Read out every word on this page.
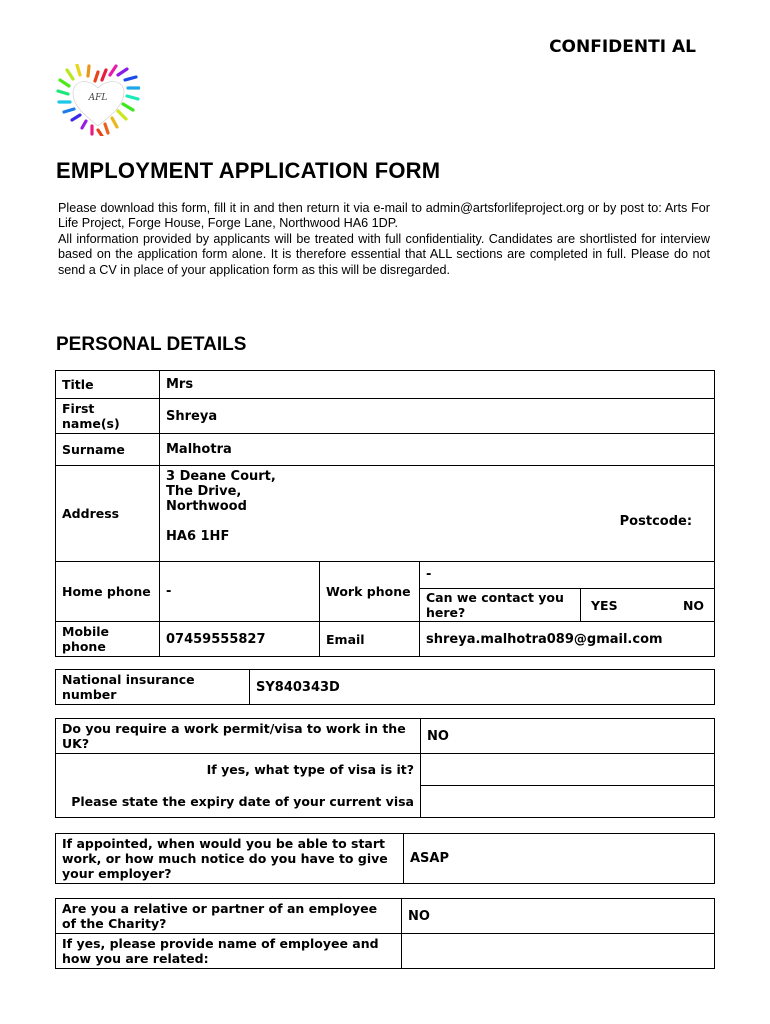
CONFIDENTI AL
AFL
EMPLOYMENT APPLICATION FORM

Please download this form, fill it in and then return it via e-mail to admin@artsforlifeproject.org or by post to: Arts For Life Project, Forge House, Forge Lane, Northwood HA6 1DP.

All information provided by applicants will be treated with full confidentiality. Candidates are shortlisted for interview based on the application form alone. It is therefore essential that ALL sections are completed in full. Please do not send a CV in place of your application form as this will be disregarded.

PERSONAL DETAILS
Title	Mrs		
First name(s)	Shreya		
Surname	Malhotra		
Address	3 Deane Court,
The Drive,
Northwood
HA6 1HF
Postcode:		

Home phone	-	Work phone	-
Can we contact you here? YES NO

Mobile phone	07459555827	Email	shreya.malhotra089@gmail.com
National insurance number	SY840343D
Do you require a work permit/visa to work in the UK?	NO
If yes, what type of visa is it?	
Please state the expiry date of your current visa	
If appointed, when would you be able to start work, or how much notice do you have to give your employer?	ASAP
Are you a relative or partner of an employee of the Charity?	NO
If yes, please provide name of employee and how you are related:	
